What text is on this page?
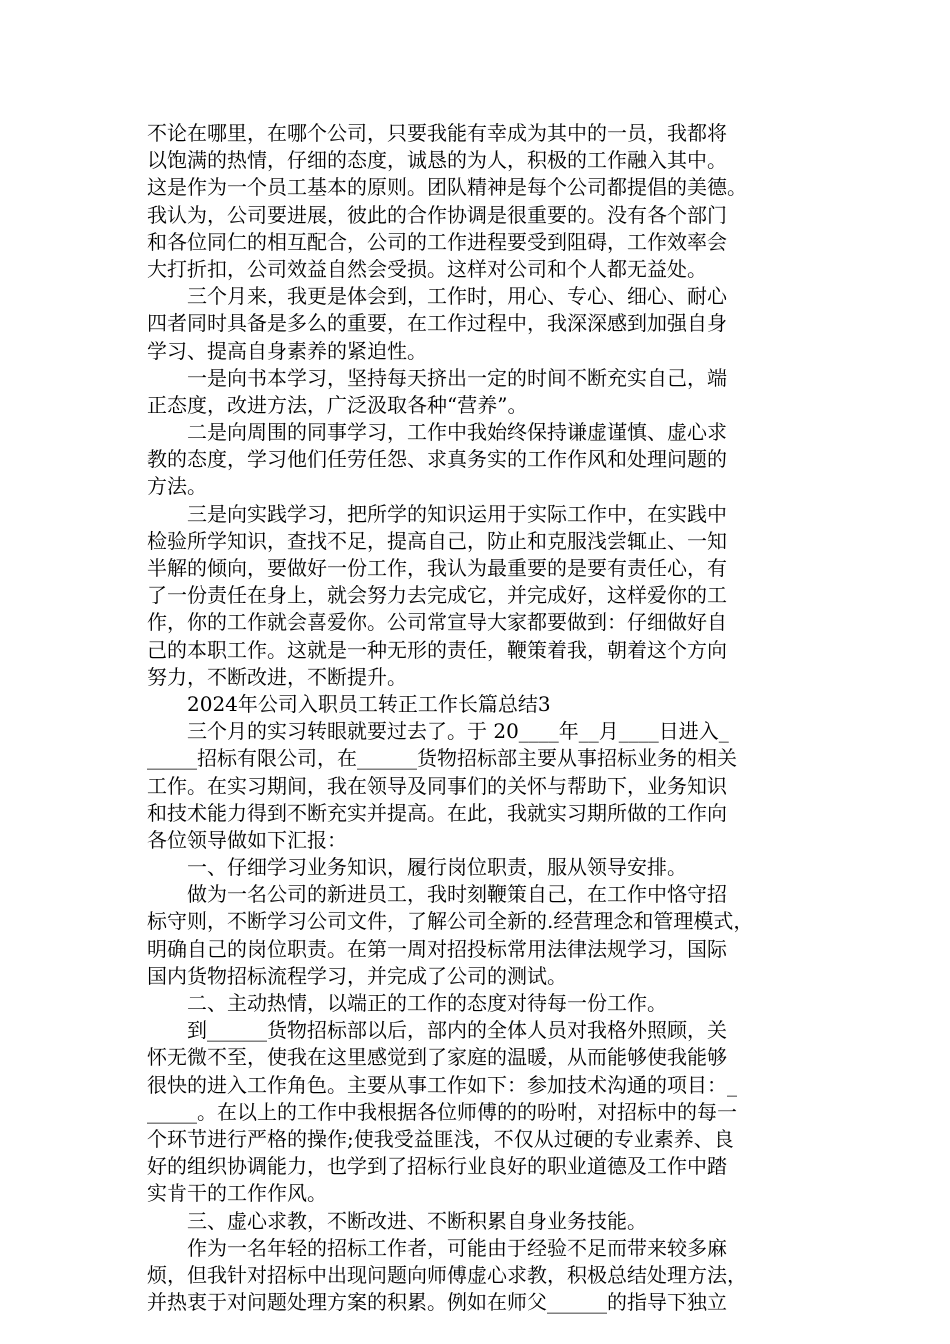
不论在哪里，在哪个公司，只要我能有幸成为其中的一员，我都将
以饱满的热情，仔细的态度，诚恳的为人，积极的工作融入其中。
这是作为一个员工基本的原则。团队精神是每个公司都提倡的美德。
我认为，公司要进展，彼此的合作协调是很重要的。没有各个部门
和各位同仁的相互配合，公司的工作进程要受到阻碍，工作效率会
大打折扣，公司效益自然会受损。这样对公司和个人都无益处。
　　三个月来，我更是体会到，工作时，用心、专心、细心、耐心
四者同时具备是多么的重要，在工作过程中，我深深感到加强自身
学习、提高自身素养的紧迫性。
　　一是向书本学习，坚持每天挤出一定的时间不断充实自己，端
正态度，改进方法，广泛汲取各种“营养”。
　　二是向周围的同事学习，工作中我始终保持谦虚谨慎、虚心求
教的态度，学习他们任劳任怨、求真务实的工作作风和处理问题的
方法。
　　三是向实践学习，把所学的知识运用于实际工作中，在实践中
检验所学知识，查找不足，提高自己，防止和克服浅尝辄止、一知
半解的倾向，要做好一份工作，我认为最重要的是要有责任心，有
了一份责任在身上，就会努力去完成它，并完成好，这样爱你的工
作，你的工作就会喜爱你。公司常宣导大家都要做到：仔细做好自
己的本职工作。这就是一种无形的责任，鞭策着我，朝着这个方向
努力，不断改进，不断提升。
　　2024年公司入职员工转正工作长篇总结3
　　三个月的实习转眼就要过去了。于 20____年__月____日进入_
_____招标有限公司，在______货物招标部主要从事招标业务的相关
工作。在实习期间，我在领导及同事们的关怀与帮助下，业务知识
和技术能力得到不断充实并提高。在此，我就实习期所做的工作向
各位领导做如下汇报：
　　一、仔细学习业务知识，履行岗位职责，服从领导安排。
　　做为一名公司的新进员工，我时刻鞭策自己，在工作中恪守招
标守则，不断学习公司文件，了解公司全新的.经营理念和管理模式，
明确自己的岗位职责。在第一周对招投标常用法律法规学习，国际
国内货物招标流程学习，并完成了公司的测试。
　　二、主动热情，以端正的工作的态度对待每一份工作。
　　到______货物招标部以后，部内的全体人员对我格外照顾，关
怀无微不至，使我在这里感觉到了家庭的温暖，从而能够使我能够
很快的进入工作角色。主要从事工作如下：参加技术沟通的项目：_
_____。在以上的工作中我根据各位师傅的的吩咐，对招标中的每一
个环节进行严格的操作;使我受益匪浅，不仅从过硬的专业素养、良
好的组织协调能力，也学到了招标行业良好的职业道德及工作中踏
实肯干的工作作风。
　　三、虚心求教，不断改进、不断积累自身业务技能。
　　作为一名年轻的招标工作者，可能由于经验不足而带来较多麻
烦，但我针对招标中出现问题向师傅虚心求教，积极总结处理方法，
并热衷于对问题处理方案的积累。例如在师父______的指导下独立
